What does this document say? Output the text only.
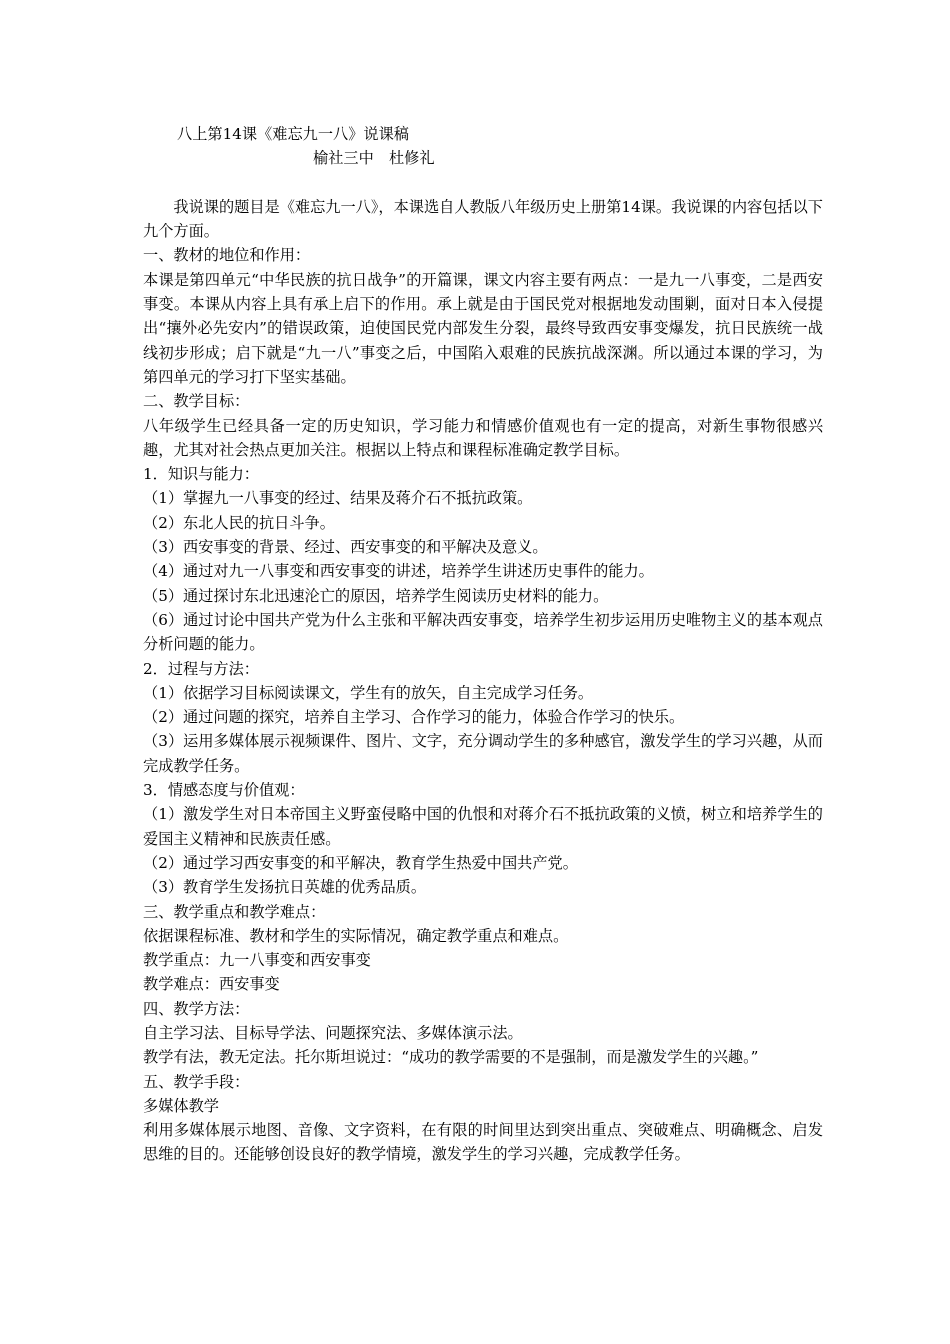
八上第14课《难忘九一八》说课稿
榆社三中　杜修礼

我说课的题目是《难忘九一八》，本课选自人教版八年级历史上册第14课。我说课的内容包括以下九个方面。

一、教材的地位和作用：

本课是第四单元“中华民族的抗日战争”的开篇课，课文内容主要有两点：一是九一八事变，二是西安事变。本课从内容上具有承上启下的作用。承上就是由于国民党对根据地发动围剿，面对日本入侵提出“攘外必先安内”的错误政策，迫使国民党内部发生分裂，最终导致西安事变爆发，抗日民族统一战线初步形成；启下就是“九一八”事变之后，中国陷入艰难的民族抗战深渊。所以通过本课的学习，为第四单元的学习打下坚实基础。

二、教学目标：

八年级学生已经具备一定的历史知识，学习能力和情感价值观也有一定的提高，对新生事物很感兴趣，尤其对社会热点更加关注。根据以上特点和课程标准确定教学目标。

1．知识与能力：

（1）掌握九一八事变的经过、结果及蒋介石不抵抗政策。

（2）东北人民的抗日斗争。

（3）西安事变的背景、经过、西安事变的和平解决及意义。

（4）通过对九一八事变和西安事变的讲述，培养学生讲述历史事件的能力。

（5）通过探讨东北迅速沦亡的原因，培养学生阅读历史材料的能力。

（6）通过讨论中国共产党为什么主张和平解决西安事变，培养学生初步运用历史唯物主义的基本观点分析问题的能力。

2．过程与方法：

（1）依据学习目标阅读课文，学生有的放矢，自主完成学习任务。

（2）通过问题的探究，培养自主学习、合作学习的能力，体验合作学习的快乐。

（3）运用多媒体展示视频课件、图片、文字，充分调动学生的多种感官，激发学生的学习兴趣，从而完成教学任务。

3．情感态度与价值观：

（1）激发学生对日本帝国主义野蛮侵略中国的仇恨和对蒋介石不抵抗政策的义愤，树立和培养学生的爱国主义精神和民族责任感。

（2）通过学习西安事变的和平解决，教育学生热爱中国共产党。

（3）教育学生发扬抗日英雄的优秀品质。

三、教学重点和教学难点：

依据课程标准、教材和学生的实际情况，确定教学重点和难点。

教学重点：九一八事变和西安事变

教学难点：西安事变

四、教学方法：

自主学习法、目标导学法、问题探究法、多媒体演示法。

教学有法，教无定法。托尔斯坦说过：“成功的教学需要的不是强制，而是激发学生的兴趣。”

五、教学手段：

多媒体教学

利用多媒体展示地图、音像、文字资料，在有限的时间里达到突出重点、突破难点、明确概念、启发思维的目的。还能够创设良好的教学情境，激发学生的学习兴趣，完成教学任务。
